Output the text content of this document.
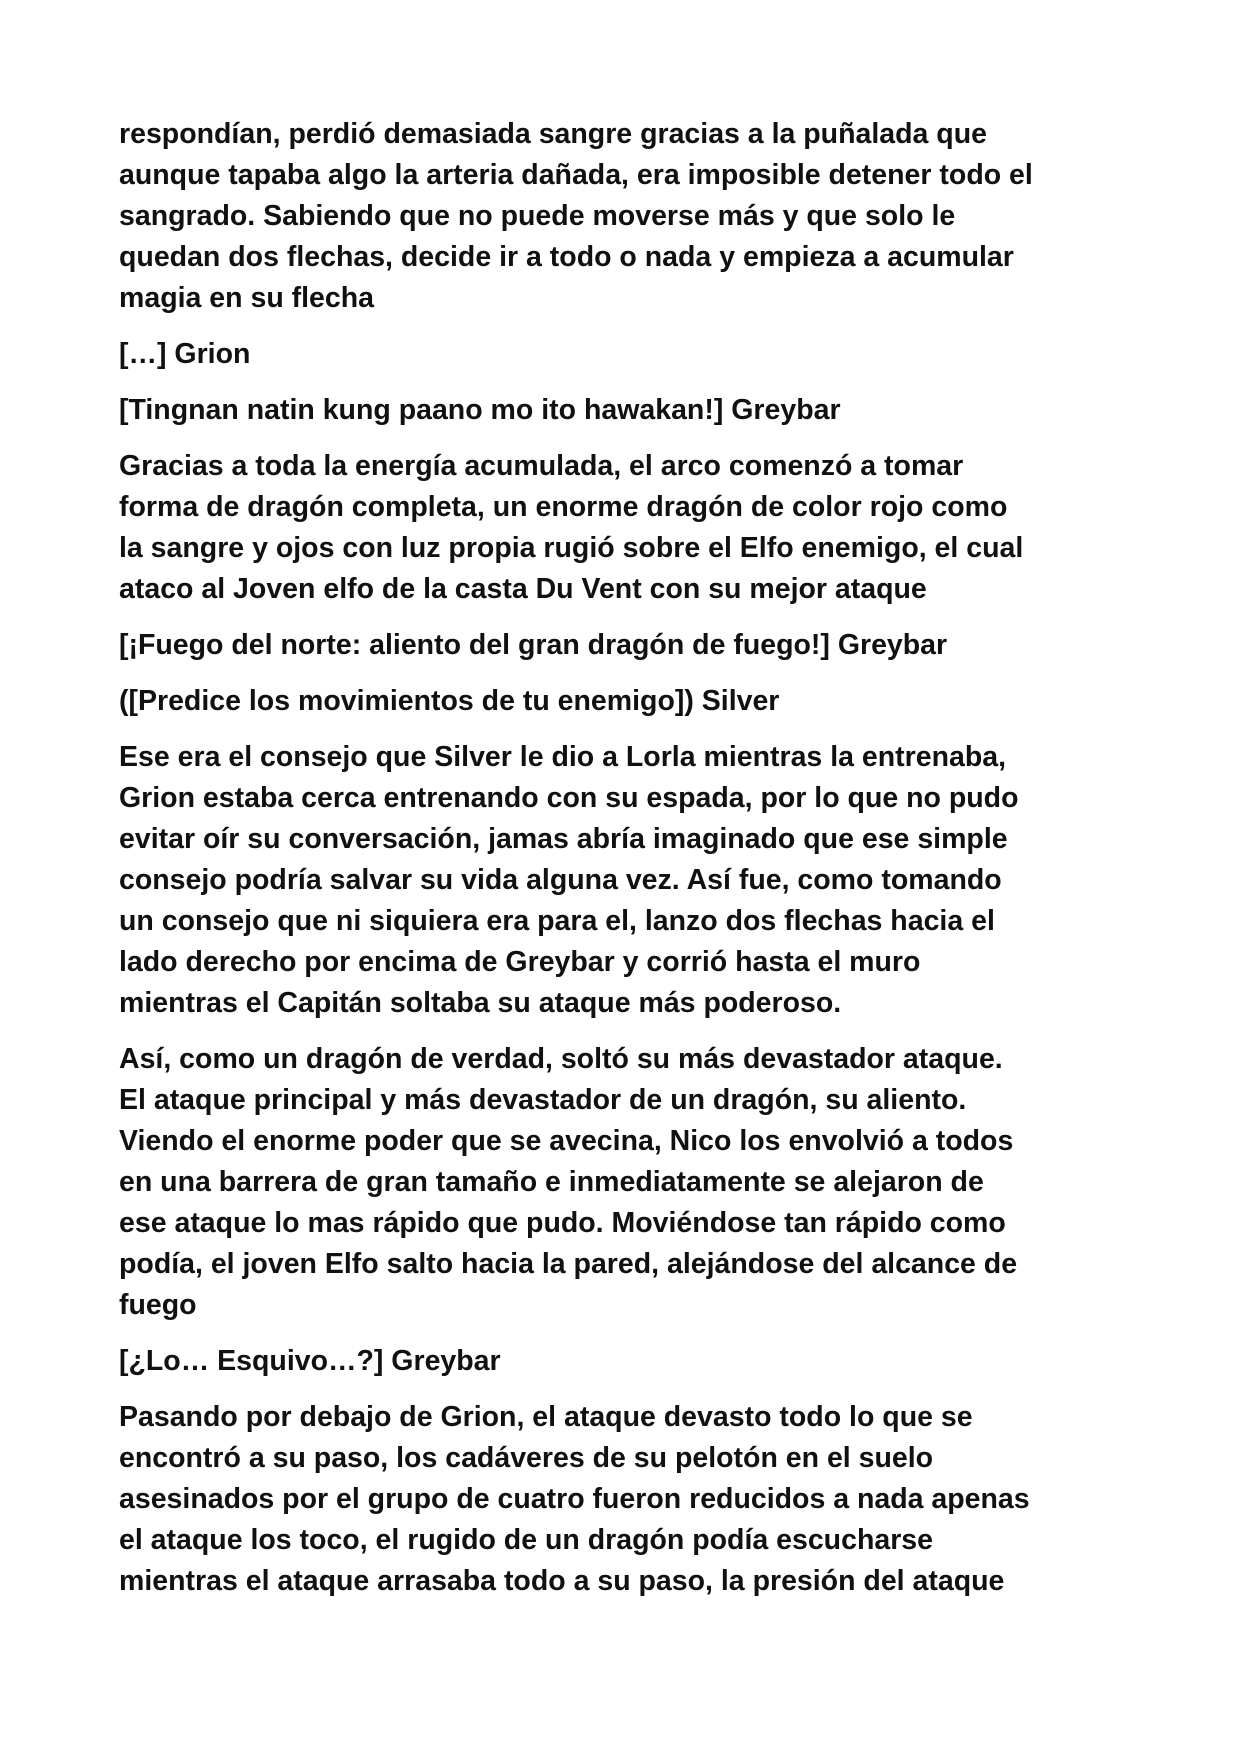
respondían, perdió demasiada sangre gracias a la puñalada que
aunque tapaba algo la arteria dañada, era imposible detener todo el
sangrado. Sabiendo que no puede moverse más y que solo le
quedan dos flechas, decide ir a todo o nada y empieza a acumular
magia en su flecha

[…] Grion

[Tingnan natin kung paano mo ito hawakan!] Greybar

Gracias a toda la energía acumulada, el arco comenzó a tomar
forma de dragón completa, un enorme dragón de color rojo como
la sangre y ojos con luz propia rugió sobre el Elfo enemigo, el cual
ataco al Joven elfo de la casta Du Vent con su mejor ataque

[¡Fuego del norte: aliento del gran dragón de fuego!] Greybar

([Predice los movimientos de tu enemigo]) Silver

Ese era el consejo que Silver le dio a Lorla mientras la entrenaba,
Grion estaba cerca entrenando con su espada, por lo que no pudo
evitar oír su conversación, jamas abría imaginado que ese simple
consejo podría salvar su vida alguna vez. Así fue, como tomando
un consejo que ni siquiera era para el, lanzo dos flechas hacia el
lado derecho por encima de Greybar y corrió hasta el muro
mientras el Capitán soltaba su ataque más poderoso.

Así, como un dragón de verdad, soltó su más devastador ataque.
El ataque principal y más devastador de un dragón, su aliento.
Viendo el enorme poder que se avecina, Nico los envolvió a todos
en una barrera de gran tamaño e inmediatamente se alejaron de
ese ataque lo mas rápido que pudo. Moviéndose tan rápido como
podía, el joven Elfo salto hacia la pared, alejándose del alcance de
fuego

[¿Lo… Esquivo…?] Greybar

Pasando por debajo de Grion, el ataque devasto todo lo que se
encontró a su paso, los cadáveres de su pelotón en el suelo
asesinados por el grupo de cuatro fueron reducidos a nada apenas
el ataque los toco, el rugido de un dragón podía escucharse
mientras el ataque arrasaba todo a su paso, la presión del ataque
